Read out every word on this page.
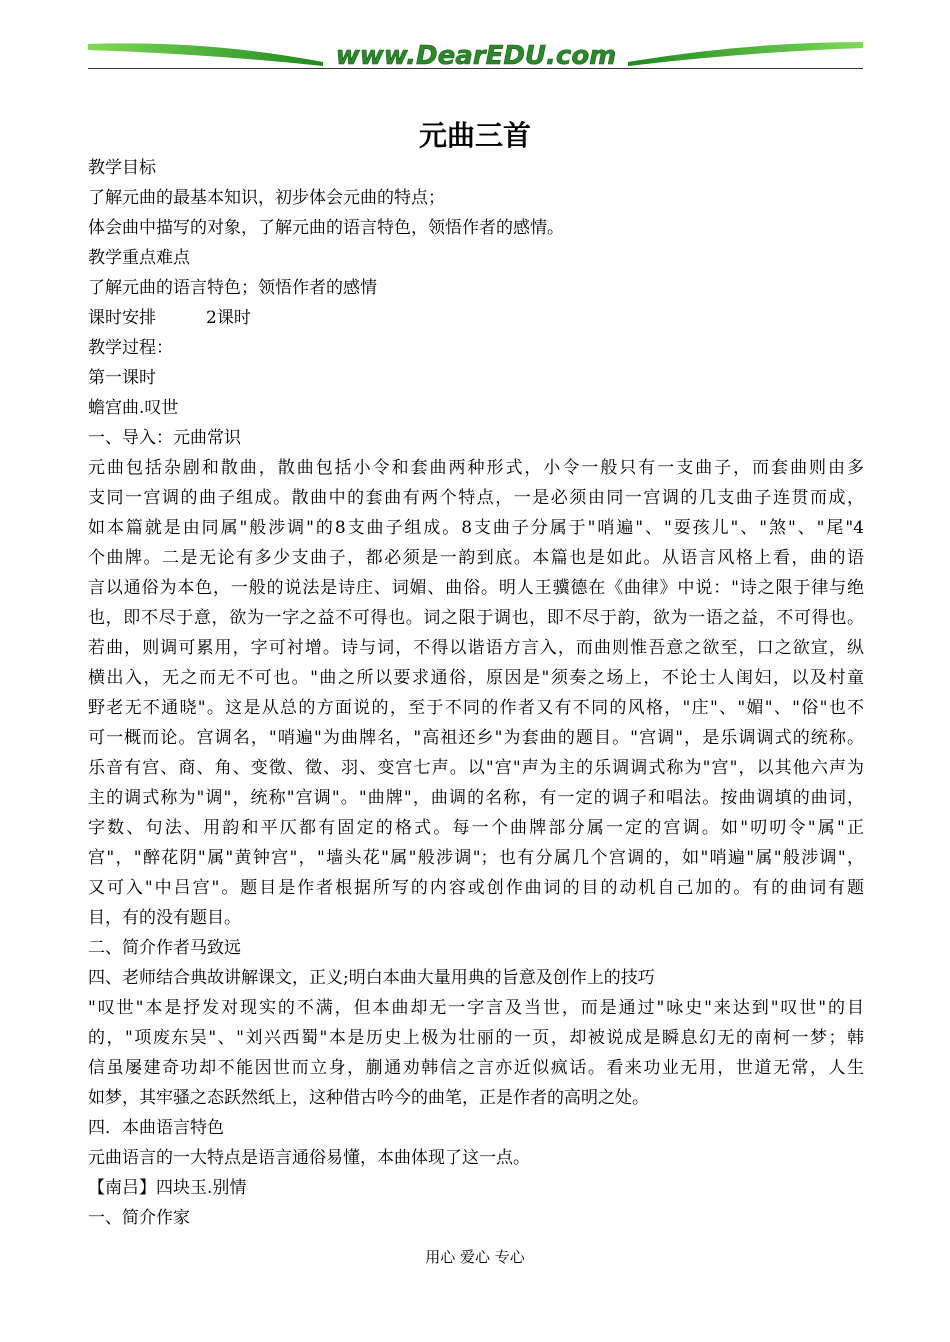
www.DearEDU.com
元曲三首
教学目标
了解元曲的最基本知识，初步体会元曲的特点；
体会曲中描写的对象，了解元曲的语言特色，领悟作者的感情。
教学重点难点
了解元曲的语言特色；领悟作者的感情
课时安排	2课时
教学过程：
第一课时
蟾宫曲.叹世
一、导入：元曲常识
元曲包括杂剧和散曲，散曲包括小令和套曲两种形式，小令一般只有一支曲子，而套曲则由多
支同一宫调的曲子组成。散曲中的套曲有两个特点，一是必须由同一宫调的几支曲子连贯而成，
如本篇就是由同属"般涉调"的8支曲子组成。8支曲子分属于"哨遍"、"耍孩儿"、"煞"、"尾"4
个曲牌。二是无论有多少支曲子，都必须是一韵到底。本篇也是如此。从语言风格上看，曲的语
言以通俗为本色，一般的说法是诗庄、词媚、曲俗。明人王骥德在《曲律》中说："诗之限于律与绝
也，即不尽于意，欲为一字之益不可得也。词之限于调也，即不尽于韵，欲为一语之益，不可得也。
若曲，则调可累用，字可衬增。诗与词，不得以谐语方言入，而曲则惟吾意之欲至，口之欲宣，纵
横出入，无之而无不可也。"曲之所以要求通俗，原因是"须奏之场上，不论士人闺妇，以及村童
野老无不通晓"。这是从总的方面说的，至于不同的作者又有不同的风格，"庄"、"媚"、"俗"也不
可一概而论。宫调名，"哨遍"为曲牌名，"高祖还乡"为套曲的题目。"宫调"，是乐调调式的统称。
乐音有宫、商、角、变徵、徵、羽、变宫七声。以"宫"声为主的乐调调式称为"宫"，以其他六声为
主的调式称为"调"，统称"宫调"。"曲牌"，曲调的名称，有一定的调子和唱法。按曲调填的曲词，
字数、句法、用韵和平仄都有固定的格式。每一个曲牌部分属一定的宫调。如"叨叨令"属"正
宫"，"醉花阴"属"黄钟宫"，"墙头花"属"般涉调"；也有分属几个宫调的，如"哨遍"属"般涉调"，
又可入"中吕宫"。题目是作者根据所写的内容或创作曲词的目的动机自己加的。有的曲词有题
目，有的没有题目。
二、简介作者马致远
四、老师结合典故讲解课文，正义;明白本曲大量用典的旨意及创作上的技巧
"叹世"本是抒发对现实的不满，但本曲却无一字言及当世，而是通过"咏史"来达到"叹世"的目
的，"项废东吴"、"刘兴西蜀"本是历史上极为壮丽的一页，却被说成是瞬息幻无的南柯一梦；韩
信虽屡建奇功却不能因世而立身，蒯通劝韩信之言亦近似疯话。看来功业无用，世道无常，人生
如梦，其牢骚之态跃然纸上，这种借古吟今的曲笔，正是作者的高明之处。
四．本曲语言特色
元曲语言的一大特点是语言通俗易懂，本曲体现了这一点。
【南吕】四块玉.别情
一、简介作家
用心 爱心 专心
